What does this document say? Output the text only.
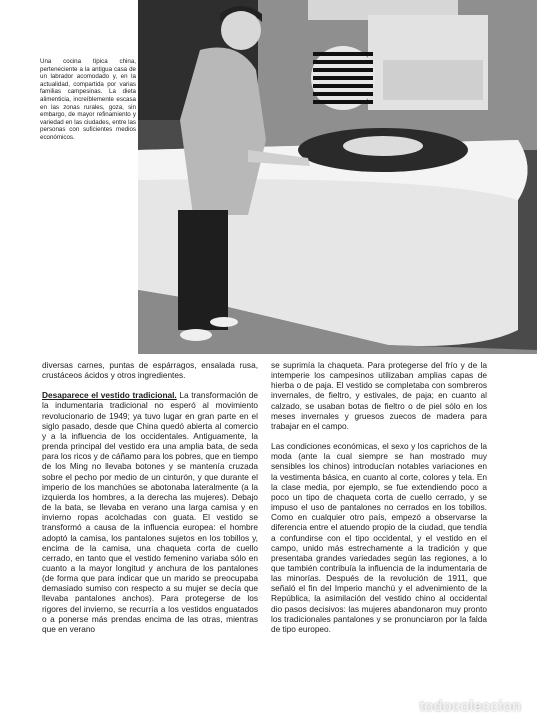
Una cocina típica china, perteneciente a la antigua casa de un labrador acomodado y, en la actualidad, compartida por varias familias campesinas. La dieta alimenticia, increíblemente escasa en las zonas rurales, goza, sin embargo, de mayor refinamiento y variedad en las ciudades, entre las personas con suficientes medios económicos.

diversas carnes, puntas de espárragos, ensalada rusa, crustáceos ácidos y otros ingredientes.

Desaparece el vestido tradicional. La transformación de la indumentaria tradicional no esperó al movimiento revolucionario de 1949; ya tuvo lugar en gran parte en el siglo pasado, desde que China quedó abierta al comercio y a la influencia de los occidentales. Antiguamente, la prenda principal del vestido era una amplia bata, de seda para los ricos y de cáñamo para los pobres, que en tiempo de los Ming no llevaba botones y se mantenía cruzada sobre el pecho por medio de un cinturón, y que durante el imperio de los manchúes se abotonaba lateralmente (a la izquierda los hombres, a la derecha las mujeres). Debajo de la bata, se llevaba en verano una larga camisa y en invierno ropas acolchadas con guata. El vestido se transformó a causa de la influencia europea: el hombre adoptó la camisa, los pantalones sujetos en los tobillos y, encima de la camisa, una chaqueta corta de cuello cerrado, en tanto que el vestido femenino variaba sólo en cuanto a la mayor longitud y anchura de los pantalones (de forma que para indicar que un marido se preocupaba demasiado sumiso con respecto a su mujer se decía que llevaba pantalones anchos). Para protegerse de los rigores del invierno, se recurría a los vestidos enguatados o a ponerse más prendas encima de las otras, mientras que en verano

se suprimía la chaqueta. Para protegerse del frío y de la intemperie los campesinos utilizaban amplias capas de hierba o de paja. El vestido se completaba con sombreros invernales, de fieltro, y estivales, de paja; en cuanto al calzado, se usaban botas de fieltro o de piel sólo en los meses invernales y gruesos zuecos de madera para trabajar en el campo.

Las condiciones económicas, el sexo y los caprichos de la moda (ante la cual siempre se han mostrado muy sensibles los chinos) introducían notables variaciones en la vestimenta básica, en cuanto al corte, colores y tela. En la clase media, por ejemplo, se fue extendiendo poco a poco un tipo de chaqueta corta de cuello cerrado, y se impuso el uso de pantalones no cerrados en los tobillos. Como en cualquier otro país, empezó a observarse la diferencia entre el atuendo propio de la ciudad, que tendía a confundirse con el tipo occidental, y el vestido en el campo, unido más estrechamente a la tradición y que presentaba grandes variedades según las regiones, a lo que también contribuía la influencia de la indumentaria de las minorías. Después de la revolución de 1911, que señaló el fin del Imperio manchú y el advenimiento de la República, la asimilación del vestido chino al occidental dio pasos decisivos: las mujeres abandonaron muy pronto los tradicionales pantalones y se pronunciaron por la falda de tipo europeo.

todocoleccion
